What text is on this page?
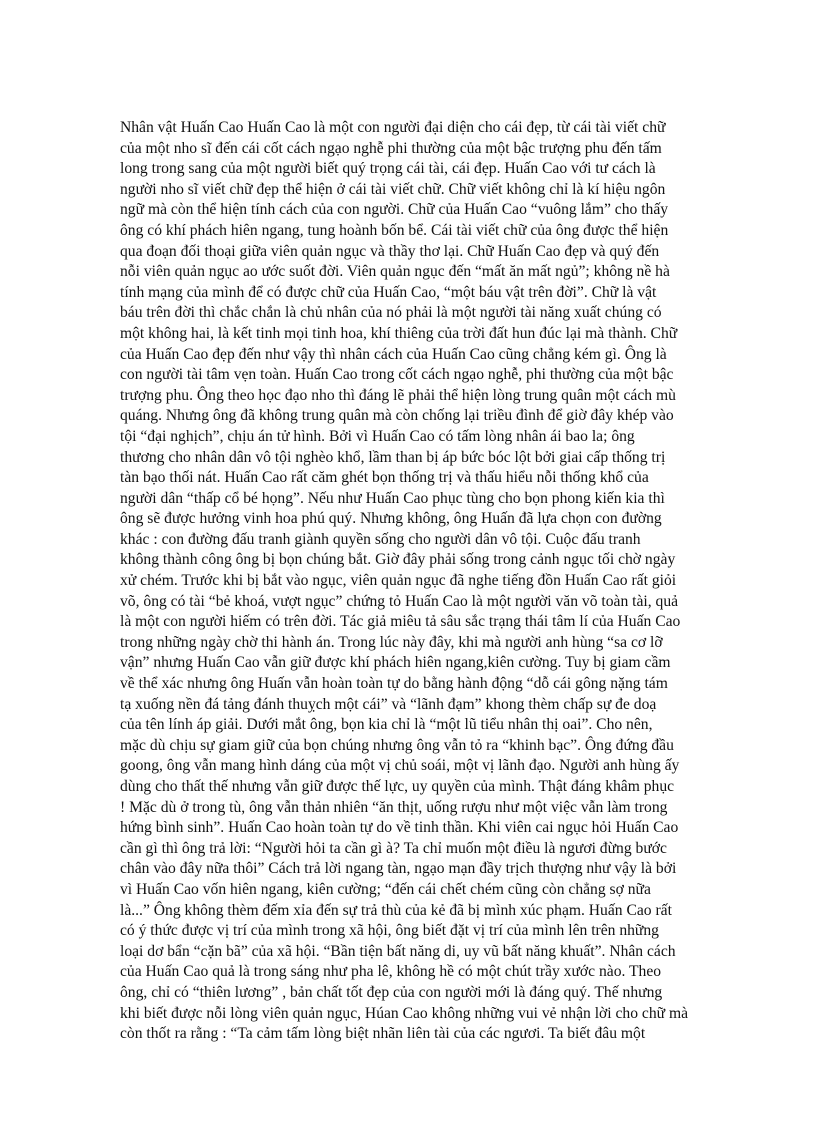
Nhân vật Huấn Cao Huấn Cao là một con người đại diện cho cái đẹp, từ cái tài viết chữ
của một nho sĩ đến cái cốt cách ngạo nghễ phi thường của một bậc trượng phu đến tấm
long trong sang của một người biết quý trọng cái tài, cái đẹp. Huấn Cao với tư cách là
người nho sĩ viết chữ đẹp thể hiện ở cái tài viết chữ. Chữ viết không chỉ là kí hiệu ngôn
ngữ mà còn thể hiện tính cách của con người. Chữ của Huấn Cao “vuông lắm” cho thấy
ông có khí phách hiên ngang, tung hoành bốn bể. Cái tài viết chữ của ông được thể hiện
qua đoạn đối thoại giữa viên quản ngục và thầy thơ lại. Chữ Huấn Cao đẹp và quý đến
nỗi viên quản ngục ao ước suốt đời. Viên quản ngục đến “mất ăn mất ngủ”; không nề hà
tính mạng của mình để có được chữ của Huấn Cao, “một báu vật trên đời”. Chữ là vật
báu trên đời thì chắc chắn là chủ nhân của nó phải là một người tài năng xuất chúng có
một không hai, là kết tinh mọi tinh hoa, khí thiêng của trời đất hun đúc lại mà thành. Chữ
của Huấn Cao đẹp đến như vậy thì nhân cách của Huấn Cao cũng chẳng kém gì. Ông là
con người tài tâm vẹn toàn. Huấn Cao trong cốt cách ngạo nghễ, phi thường của một bậc
trượng phu. Ông theo học đạo nho thì đáng lẽ phải thể hiện lòng trung quân một cách mù
quáng. Nhưng ông đã không trung quân mà còn chống lại triều đình để giờ đây khép vào
tội “đại nghịch”, chịu án tử hình. Bởi vì Huấn Cao có tấm lòng nhân ái bao la; ông
thương cho nhân dân vô tội nghèo khổ, lầm than bị áp bức bóc lột bởi giai cấp thống trị
tàn bạo thối nát. Huấn Cao rất căm ghét bọn thống trị và thấu hiểu nỗi thống khổ của
người dân “thấp cổ bé họng”. Nếu như Huấn Cao phục tùng cho bọn phong kiến kia thì
ông sẽ được hưởng vinh hoa phú quý. Nhưng không, ông Huấn đã lựa chọn con đường
khác : con đường đấu tranh giành quyền sống cho người dân vô tội. Cuộc đấu tranh
không thành công ông bị bọn chúng bắt. Giờ đây phải sống trong cảnh ngục tối chờ ngày
xử chém. Trước khi bị bắt vào ngục, viên quản ngục đã nghe tiếng đồn Huấn Cao rất giỏi
võ, ông có tài “bẻ khoá, vượt ngục” chứng tỏ Huấn Cao là một người văn võ toàn tài, quả
là một con người hiếm có trên đời. Tác giả miêu tả sâu sắc trạng thái tâm lí của Huấn Cao
trong những ngày chờ thi hành án. Trong lúc này đây, khi mà người anh hùng “sa cơ lỡ
vận” nhưng Huấn Cao vẫn giữ được khí phách hiên ngang,kiên cường. Tuy bị giam cầm
về thể xác nhưng ông Huấn vẫn hoàn toàn tự do bằng hành động “dỗ cái gông nặng tám
tạ xuống nền đá tảng đánh thuỵch một cái” và “lãnh đạm” khong thèm chấp sự đe doạ
của tên lính áp giải. Dưới mắt ông, bọn kia chỉ là “một lũ tiểu nhân thị oai”. Cho nên,
mặc dù chịu sự giam giữ của bọn chúng nhưng ông vẫn tỏ ra “khinh bạc”. Ông đứng đầu
goong, ông vẫn mang hình dáng của một vị chủ soái, một vị lãnh đạo. Người anh hùng ấy
dùng cho thất thế nhưng vẫn giữ được thế lực, uy quyền của mình. Thật đáng khâm phục
! Mặc dù ở trong tù, ông vẫn thản nhiên “ăn thịt, uống rượu như một việc vẫn làm trong
hứng bình sinh”. Huấn Cao hoàn toàn tự do về tinh thần. Khi viên cai ngục hỏi Huấn Cao
cần gì thì ông trả lời: “Người hỏi ta cần gì à? Ta chỉ muốn một điều là ngươi đừng bước
chân vào đây nữa thôi” Cách trả lời ngang tàn, ngạo mạn đầy trịch thượng như vậy là bởi
vì Huấn Cao vốn hiên ngang, kiên cường; “đến cái chết chém cũng còn chẳng sợ nữa
là...” Ông không thèm đếm xỉa đến sự trả thù của kẻ đã bị mình xúc phạm. Huấn Cao rất
có ý thức được vị trí của mình trong xã hội, ông biết đặt vị trí của mình lên trên những
loại dơ bẩn “cặn bã” của xã hội. “Bần tiện bất năng di, uy vũ bất năng khuất”. Nhân cách
của Huấn Cao quả là trong sáng như pha lê, không hề có một chút trầy xước nào. Theo
ông, chỉ có “thiên lương” , bản chất tốt đẹp của con người mới là đáng quý. Thế nhưng
khi biết được nỗi lòng viên quản ngục, Húan Cao không những vui vẻ nhận lời cho chữ mà
còn thốt ra rằng : “Ta cảm tấm lòng biệt nhãn liên tài của các ngươi. Ta biết đâu một
